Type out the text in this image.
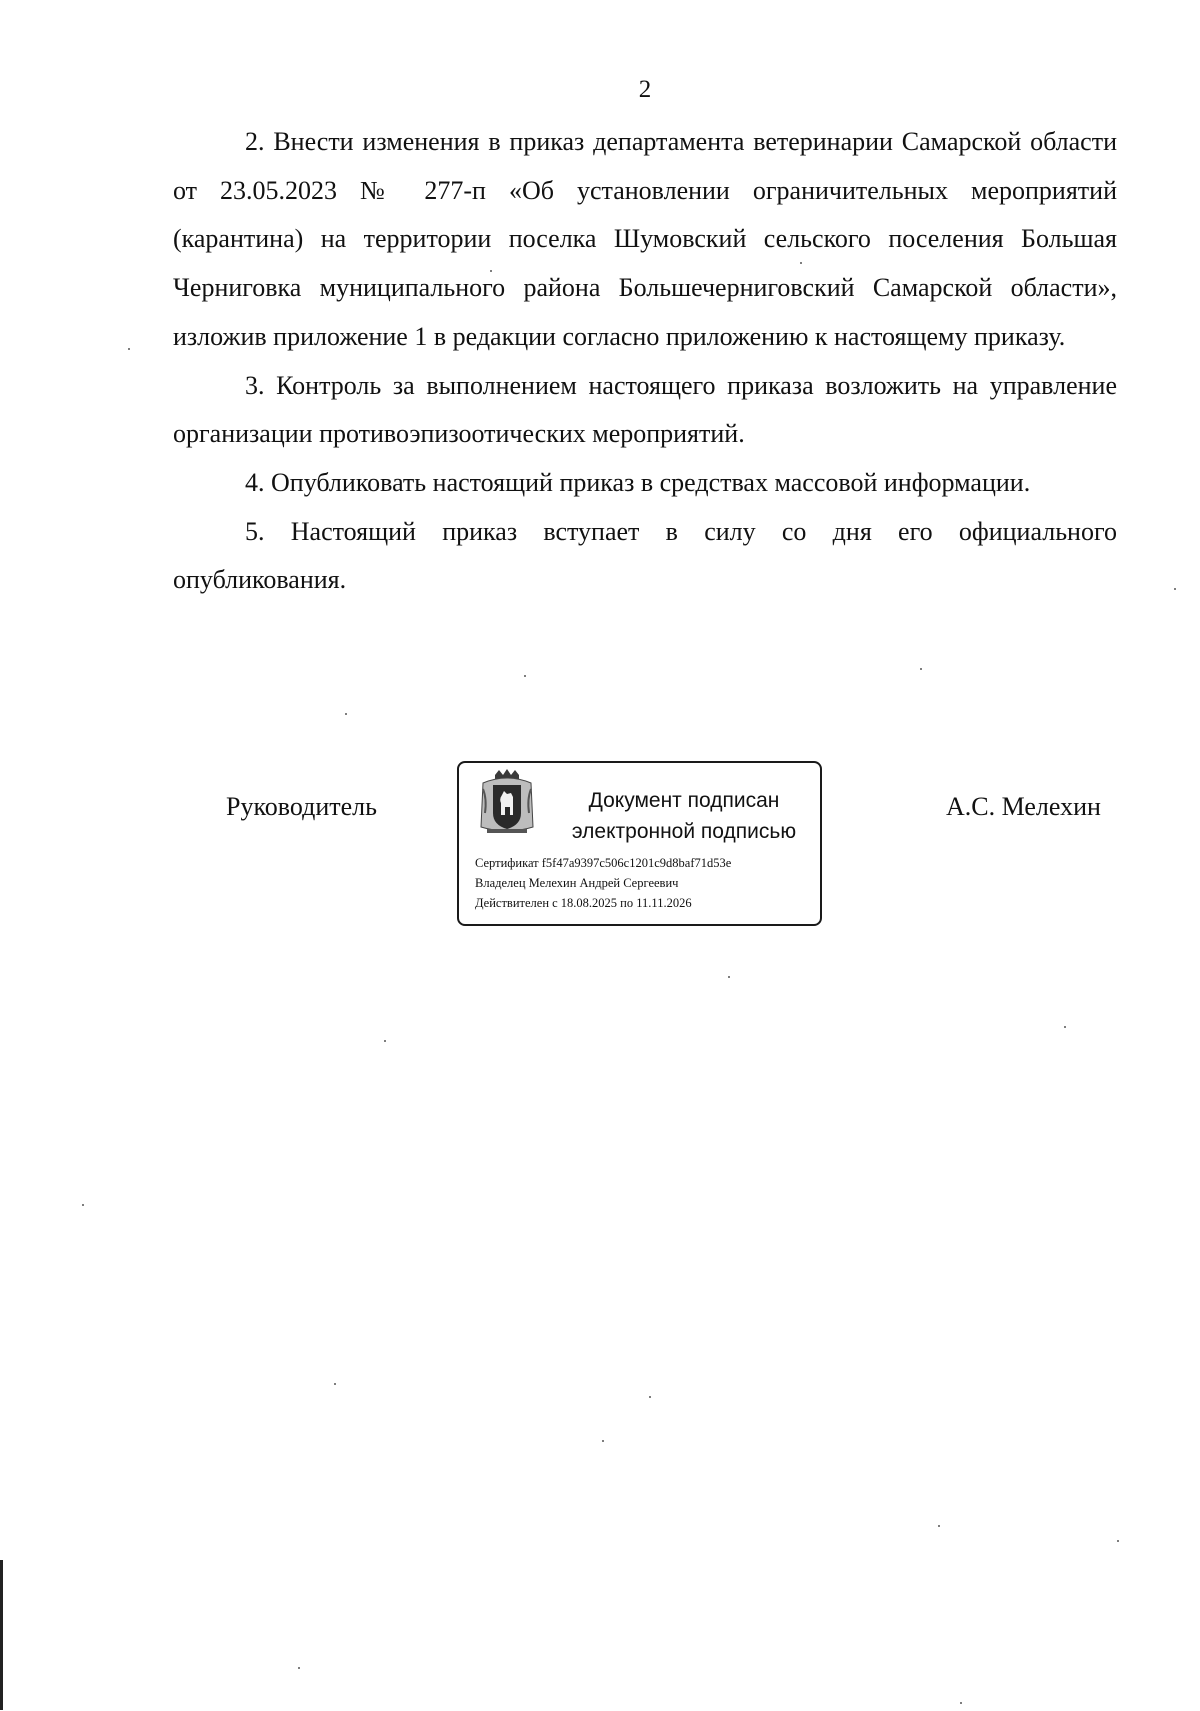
2

2. Внести изменения в приказ департамента ветеринарии Самарской области от 23.05.2023 № 277-п «Об установлении ограничительных мероприятий (карантина) на территории поселка Шумовский сельского поселения Большая Черниговка муниципального района Большечерниговский Самарской области», изложив приложение 1 в редакции согласно приложению к настоящему приказу.

3. Контроль за выполнением настоящего приказа возложить на управление организации противоэпизоотических мероприятий.

4. Опубликовать настоящий приказ в средствах массовой информации.

5. Настоящий приказ вступает в силу со дня его официального опубликования.

Руководитель	Документ подписан
электронной подписью
Сертификат f5f47a9397c506c1201c9d8baf71d53e
Владелец Мелехин Андрей Сергеевич
Действителен с 18.08.2025 по 11.11.2026
А.С. Мелехин
